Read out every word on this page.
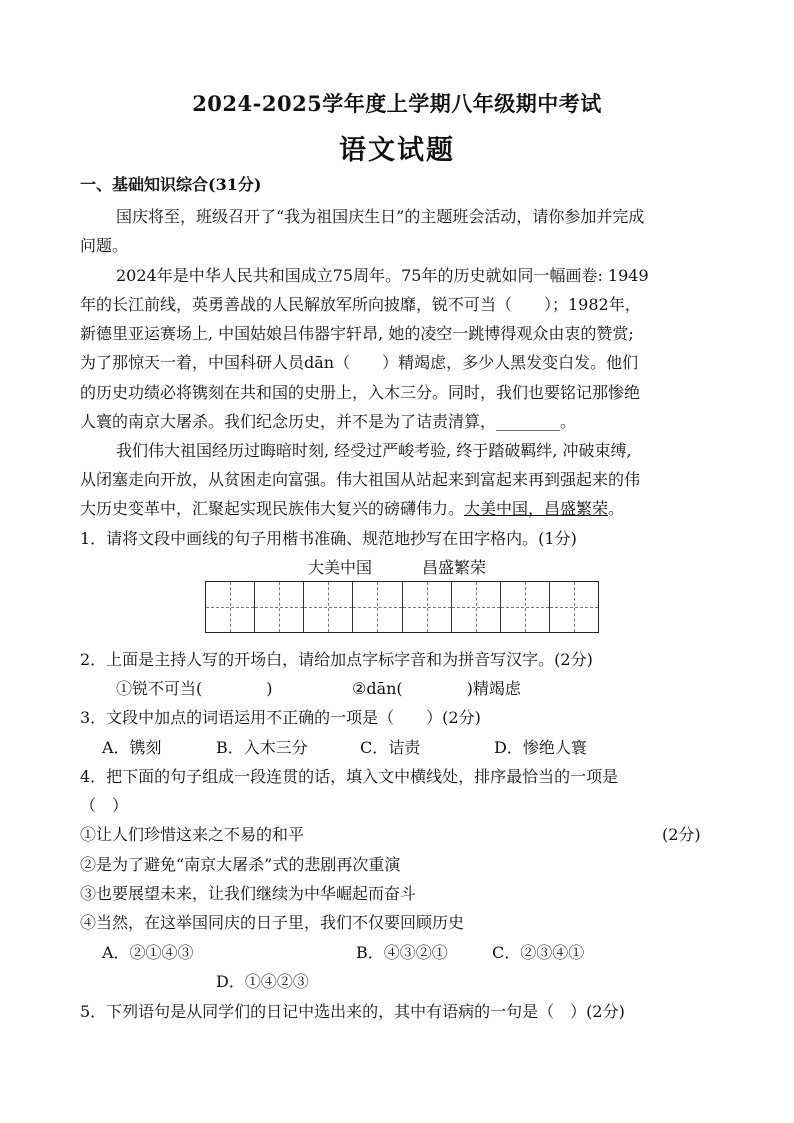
2024-2025学年度上学期八年级期中考试
语文试题
一、基础知识综合(31分)
国庆将至，班级召开了“我为祖国庆生日”的主题班会活动，请你参加并完成
问题。
2024年是中华人民共和国成立75周年。75年的历史就如同一幅画卷: 1949
年的长江前线，英勇善战的人民解放军所向披靡，锐不可当（　　）；1982年，
新德里亚运赛场上, 中国姑娘吕伟器宇轩昂, 她的凌空一跳博得观众由衷的赞赏;
为了那惊天一着，中国科研人员dān（　　）精竭虑，多少人黑发变白发。他们
的历史功绩必将镌刻在共和国的史册上，入木三分。同时，我们也要铭记那惨绝
人寰的南京大屠杀。我们纪念历史，并不是为了诘责清算，________。
我们伟大祖国经历过晦暗时刻, 经受过严峻考验, 终于踏破羁绊, 冲破束缚,
从闭塞走向开放，从贫困走向富强。伟大祖国从站起来到富起来再到强起来的伟
大历史变革中，汇聚起实现民族伟大复兴的磅礴伟力。大美中国，昌盛繁荣。
1．请将文段中画线的句子用楷书准确、规范地抄写在田字格内。(1分)
大美中国	昌盛繁荣
2．上面是主持人写的开场白，请给加点字标字音和为拼音写汉字。(2分)
①锐不可当(　　　　)	②dān(　　　　)精竭虑
3．文段中加点的词语运用不正确的一项是（　　）(2分)
A．镌刻	B．入木三分	C．诘责	D．惨绝人寰
4．把下面的句子组成一段连贯的话，填入文中横线处，排序最恰当的一项是
（　）
①让人们珍惜这来之不易的和平	(2分)
②是为了避免“南京大屠杀”式的悲剧再次重演
③也要展望未来，让我们继续为中华崛起而奋斗
④当然，在这举国同庆的日子里，我们不仅要回顾历史
A．②①④③	B．④③②①	C．②③④①
D．①④②③
5．下列语句是从同学们的日记中选出来的，其中有语病的一句是（　）(2分)
